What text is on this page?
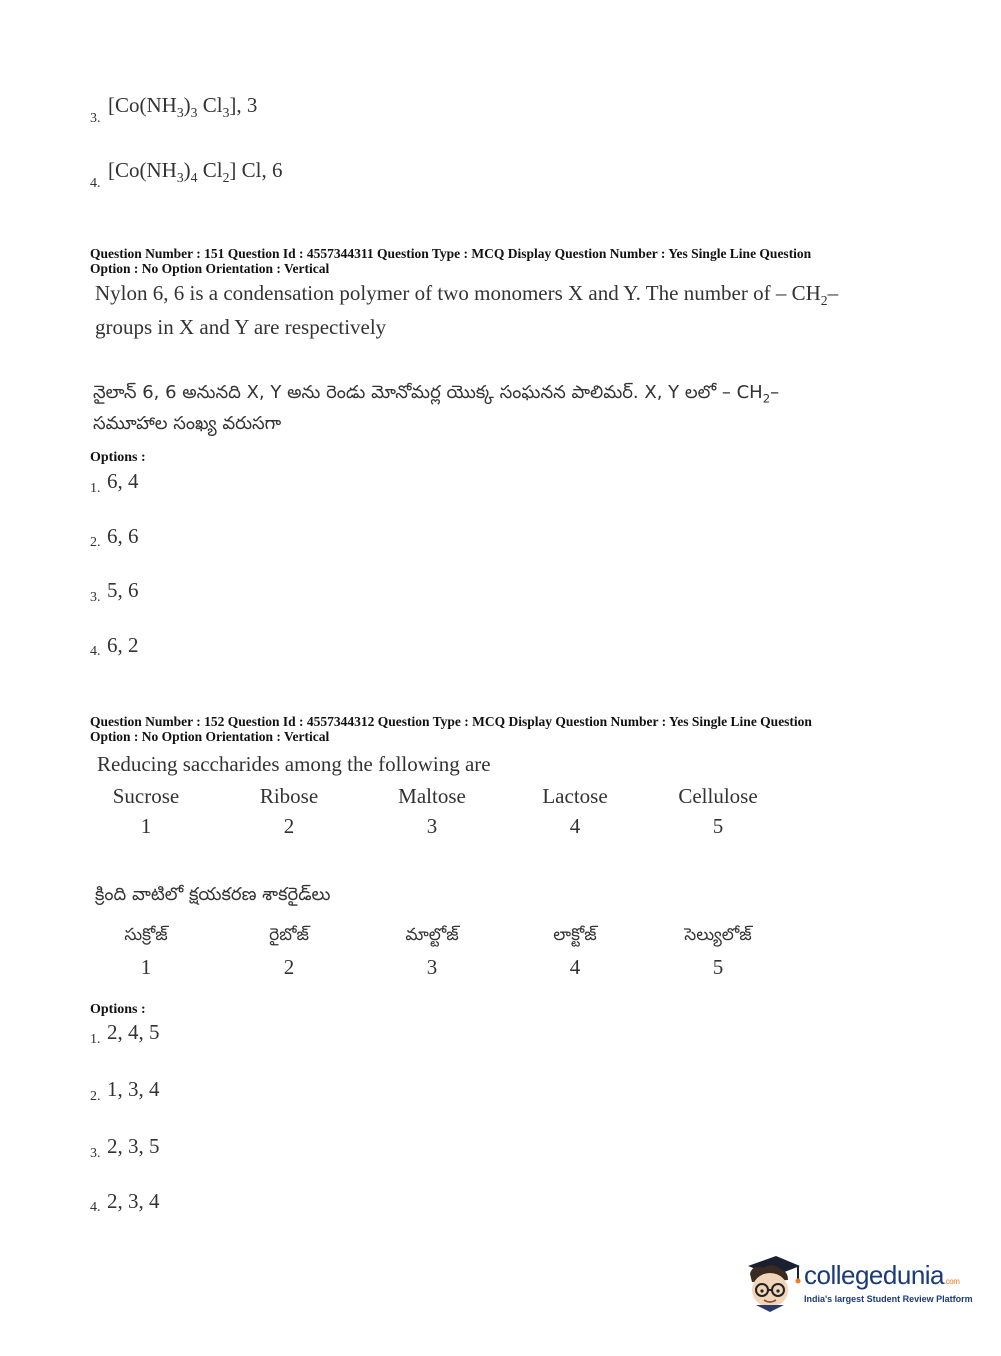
3.
[$Co(NH_3)_3$ $Cl_3$], 3
4.
[$Co(NH_3)_4$ $Cl_2$] Cl, 6
Question Number : 151 Question Id : 4557344311 Question Type : MCQ Display Question Number : Yes Single Line Question
Option : No Option Orientation : Vertical
Nylon 6, 6 is a condensation polymer of two monomers X and Y. The number of – $CH_2-$
groups in X and Y are respectively
నైలాన్ 6, 6 అనునది X, Y అను రెండు మోనోమర్ల యొక్క సంఘనన పాలిమర్. X, Y లలో – $CH_2-$
సమూహాల సంఖ్య వరుసగా
Options :
1. 6, 4
2. 6, 6
3. 5, 6
4. 6, 2
Question Number : 152 Question Id : 4557344312 Question Type : MCQ Display Question Number : Yes Single Line Question
Option : No Option Orientation : Vertical
Reducing saccharides among the following are
Sucrose	Ribose	Maltose	Lactose	Cellulose
1	2	3	4	5
క్రింది వాటిలో క్షయకరణ శాకరైడ్‌లు
సుక్రోజ్	రైబోజ్	మాల్టోజ్	లాక్టోజ్	సెల్యులోజ్
1	2	3	4	5
Options :
1. 2, 4, 5
2. 1, 3, 4
3. 2, 3, 5
4. 2, 3, 4
collegedunia.com
India's largest Student Review Platform
